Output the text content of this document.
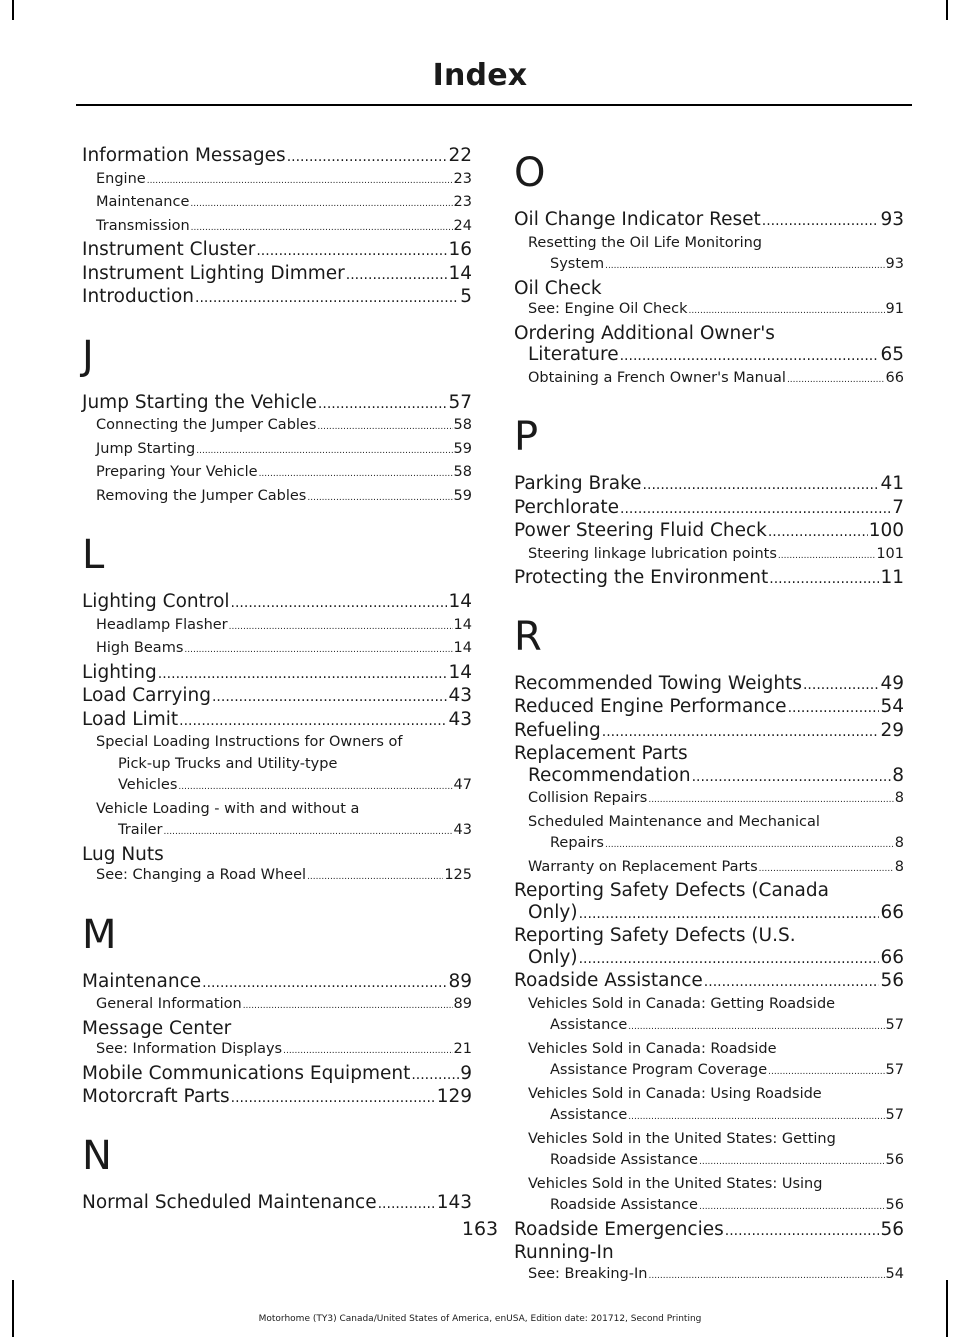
Index
Information Messages .....	22
Engine .....	23
Maintenance .....	23
Transmission .....	24
Instrument Cluster .....	16
Instrument Lighting Dimmer .....	14
Introduction .....	5
J
Jump Starting the Vehicle .....	57
Connecting the Jumper Cables .....	58
Jump Starting .....	59
Preparing Your Vehicle .....	58
Removing the Jumper Cables .....	59
L
Lighting Control .....	14
Headlamp Flasher .....	14
High Beams .....	14
Lighting .....	14
Load Carrying .....	43
Load Limit .....	43
Special Loading Instructions for Owners of
Pick-up Trucks and Utility-type
Vehicles .....	47
Vehicle Loading - with and without a
Trailer .....	43
Lug Nuts
See: Changing a Road Wheel .....	125
M
Maintenance .....	89
General Information .....	89
Message Center
See: Information Displays .....	21
Mobile Communications Equipment .....	9
Motorcraft Parts .....	129
N
Normal Scheduled Maintenance .....	143
O
Oil Change Indicator Reset .....	93
Resetting the Oil Life Monitoring
System .....	93
Oil Check
See: Engine Oil Check .....	91
Ordering Additional Owner's
Literature .....	65
Obtaining a French Owner's Manual .....	66
P
Parking Brake .....	41
Perchlorate .....	7
Power Steering Fluid Check .....	100
Steering linkage lubrication points .....	101
Protecting the Environment .....	11
R
Recommended Towing Weights .....	49
Reduced Engine Performance .....	54
Refueling .....	29
Replacement Parts
Recommendation .....	8
Collision Repairs .....	8
Scheduled Maintenance and Mechanical
Repairs .....	8
Warranty on Replacement Parts .....	8
Reporting Safety Defects (Canada
Only) .....	66
Reporting Safety Defects (U.S.
Only) .....	66
Roadside Assistance .....	56
Vehicles Sold in Canada: Getting Roadside
Assistance .....	57
Vehicles Sold in Canada: Roadside
Assistance Program Coverage .....	57
Vehicles Sold in Canada: Using Roadside
Assistance .....	57
Vehicles Sold in the United States: Getting
Roadside Assistance .....	56
Vehicles Sold in the United States: Using
Roadside Assistance .....	56
Roadside Emergencies .....	56
Running-In
See: Breaking-In .....	54
163
Motorhome (TY3) Canada/United States of America, enUSA, Edition date: 201712, Second Printing
